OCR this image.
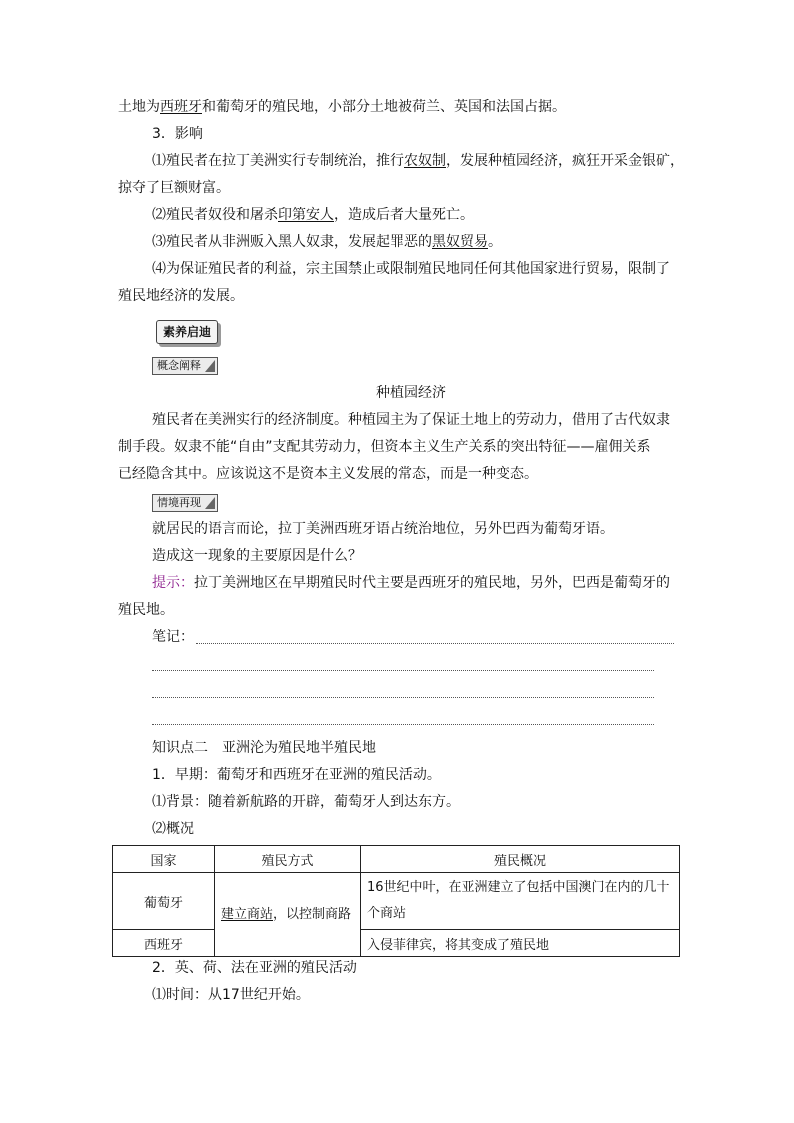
土地为西班牙和葡萄牙的殖民地，小部分土地被荷兰、英国和法国占据。
3．影响
⑴殖民者在拉丁美洲实行专制统治，推行农奴制，发展种植园经济，疯狂开采金银矿，
掠夺了巨额财富。
⑵殖民者奴役和屠杀印第安人，造成后者大量死亡。
⑶殖民者从非洲贩入黑人奴隶，发展起罪恶的黑奴贸易。
⑷为保证殖民者的利益，宗主国禁止或限制殖民地同任何其他国家进行贸易，限制了
殖民地经济的发展。
素养启迪
概念阐释
种植园经济
殖民者在美洲实行的经济制度。种植园主为了保证土地上的劳动力，借用了古代奴隶
制手段。奴隶不能“自由”支配其劳动力，但资本主义生产关系的突出特征——雇佣关系
已经隐含其中。应该说这不是资本主义发展的常态，而是一种变态。
情境再现
就居民的语言而论，拉丁美洲西班牙语占统治地位，另外巴西为葡萄牙语。
造成这一现象的主要原因是什么？
提示：拉丁美洲地区在早期殖民时代主要是西班牙的殖民地，另外，巴西是葡萄牙的
殖民地。
笔记：
知识点二　亚洲沦为殖民地半殖民地
1．早期：葡萄牙和西班牙在亚洲的殖民活动。
⑴背景：随着新航路的开辟，葡萄牙人到达东方。
⑵概况
国家	殖民方式	殖民概况
葡萄牙	建立商站，以控制商路	16世纪中叶，在亚洲建立了包括中国澳门在内的几十个商站
西班牙		入侵菲律宾，将其变成了殖民地
2．英、荷、法在亚洲的殖民活动
⑴时间：从17世纪开始。
